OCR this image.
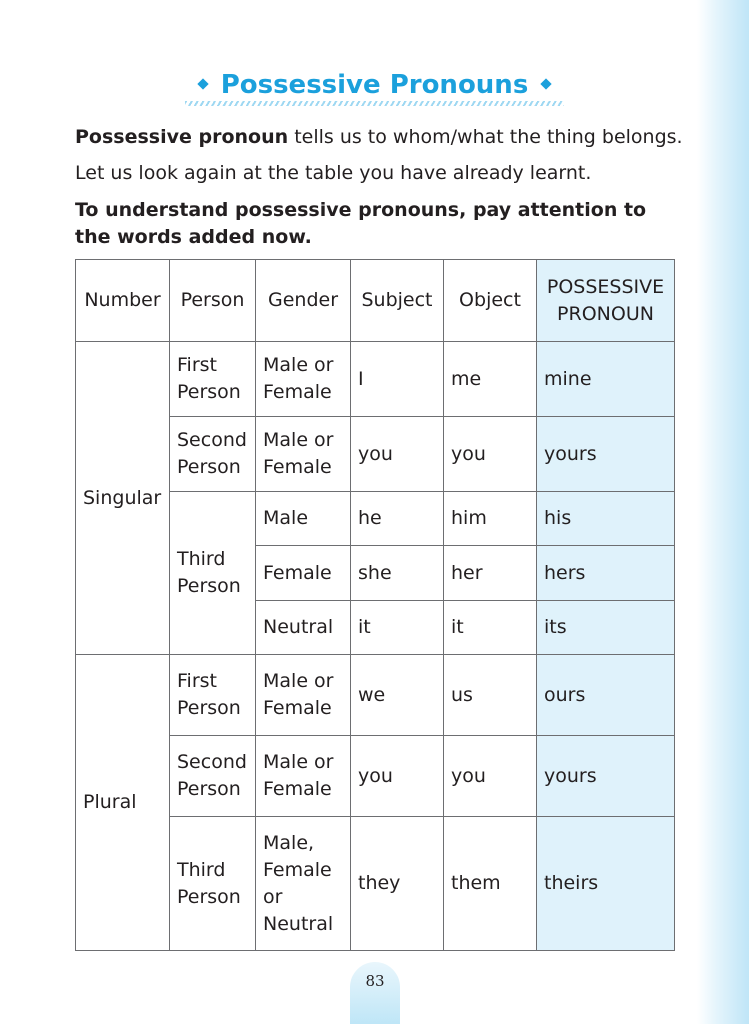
Possessive Pronouns
Possessive pronoun tells us to whom/what the thing belongs.
Let us look again at the table you have already learnt.
To understand possessive pronouns, pay attention to the words added now.
Number	Person	Gender	Subject	Object	POSSESSIVE PRONOUN
Singular	First Person	Male or Female	I	me	mine
	Second Person	Male or Female	you	you	yours
	Third Person	Male	he	him	his
		Female	she	her	hers
		Neutral	it	it	its
Plural	First Person	Male or Female	we	us	ours
	Second Person	Male or Female	you	you	yours
	Third Person	Male, Female or Neutral	they	them	theirs
83
